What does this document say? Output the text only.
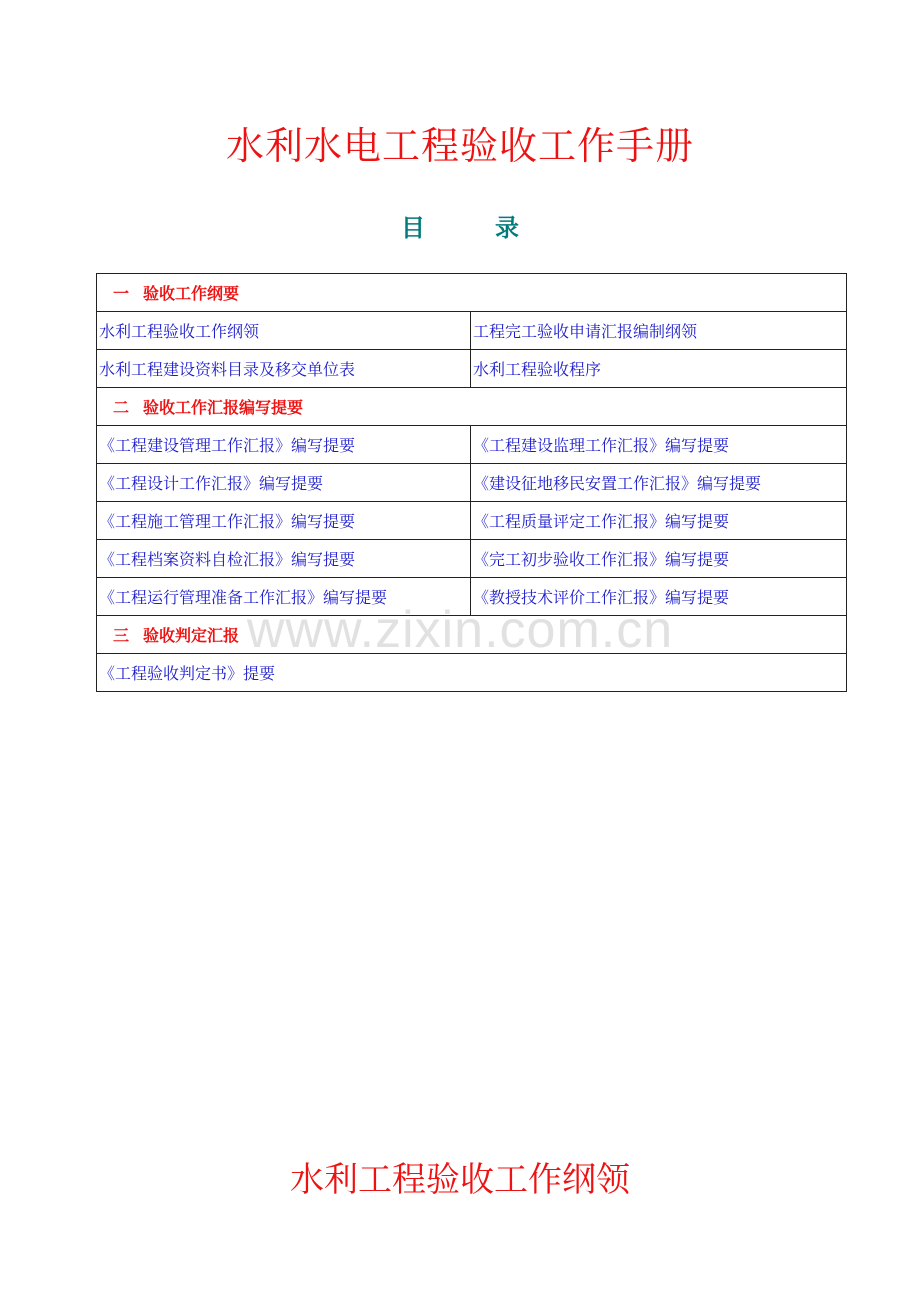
水利水电工程验收工作手册
目	录
一 验收工作纲要	
水利工程验收工作纲领	工程完工验收申请汇报编制纲领
水利工程建设资料目录及移交单位表	水利工程验收程序
二 验收工作汇报编写提要	
《工程建设管理工作汇报》编写提要	《工程建设监理工作汇报》编写提要
《工程设计工作汇报》编写提要	《建设征地移民安置工作汇报》编写提要
《工程施工管理工作汇报》编写提要	《工程质量评定工作汇报》编写提要
《工程档案资料自检汇报》编写提要	《完工初步验收工作汇报》编写提要
《工程运行管理准备工作汇报》编写提要	《教授技术评价工作汇报》编写提要
三 验收判定汇报	
《工程验收判定书》提要	
www.zixin.com.cn
水利工程验收工作纲领
